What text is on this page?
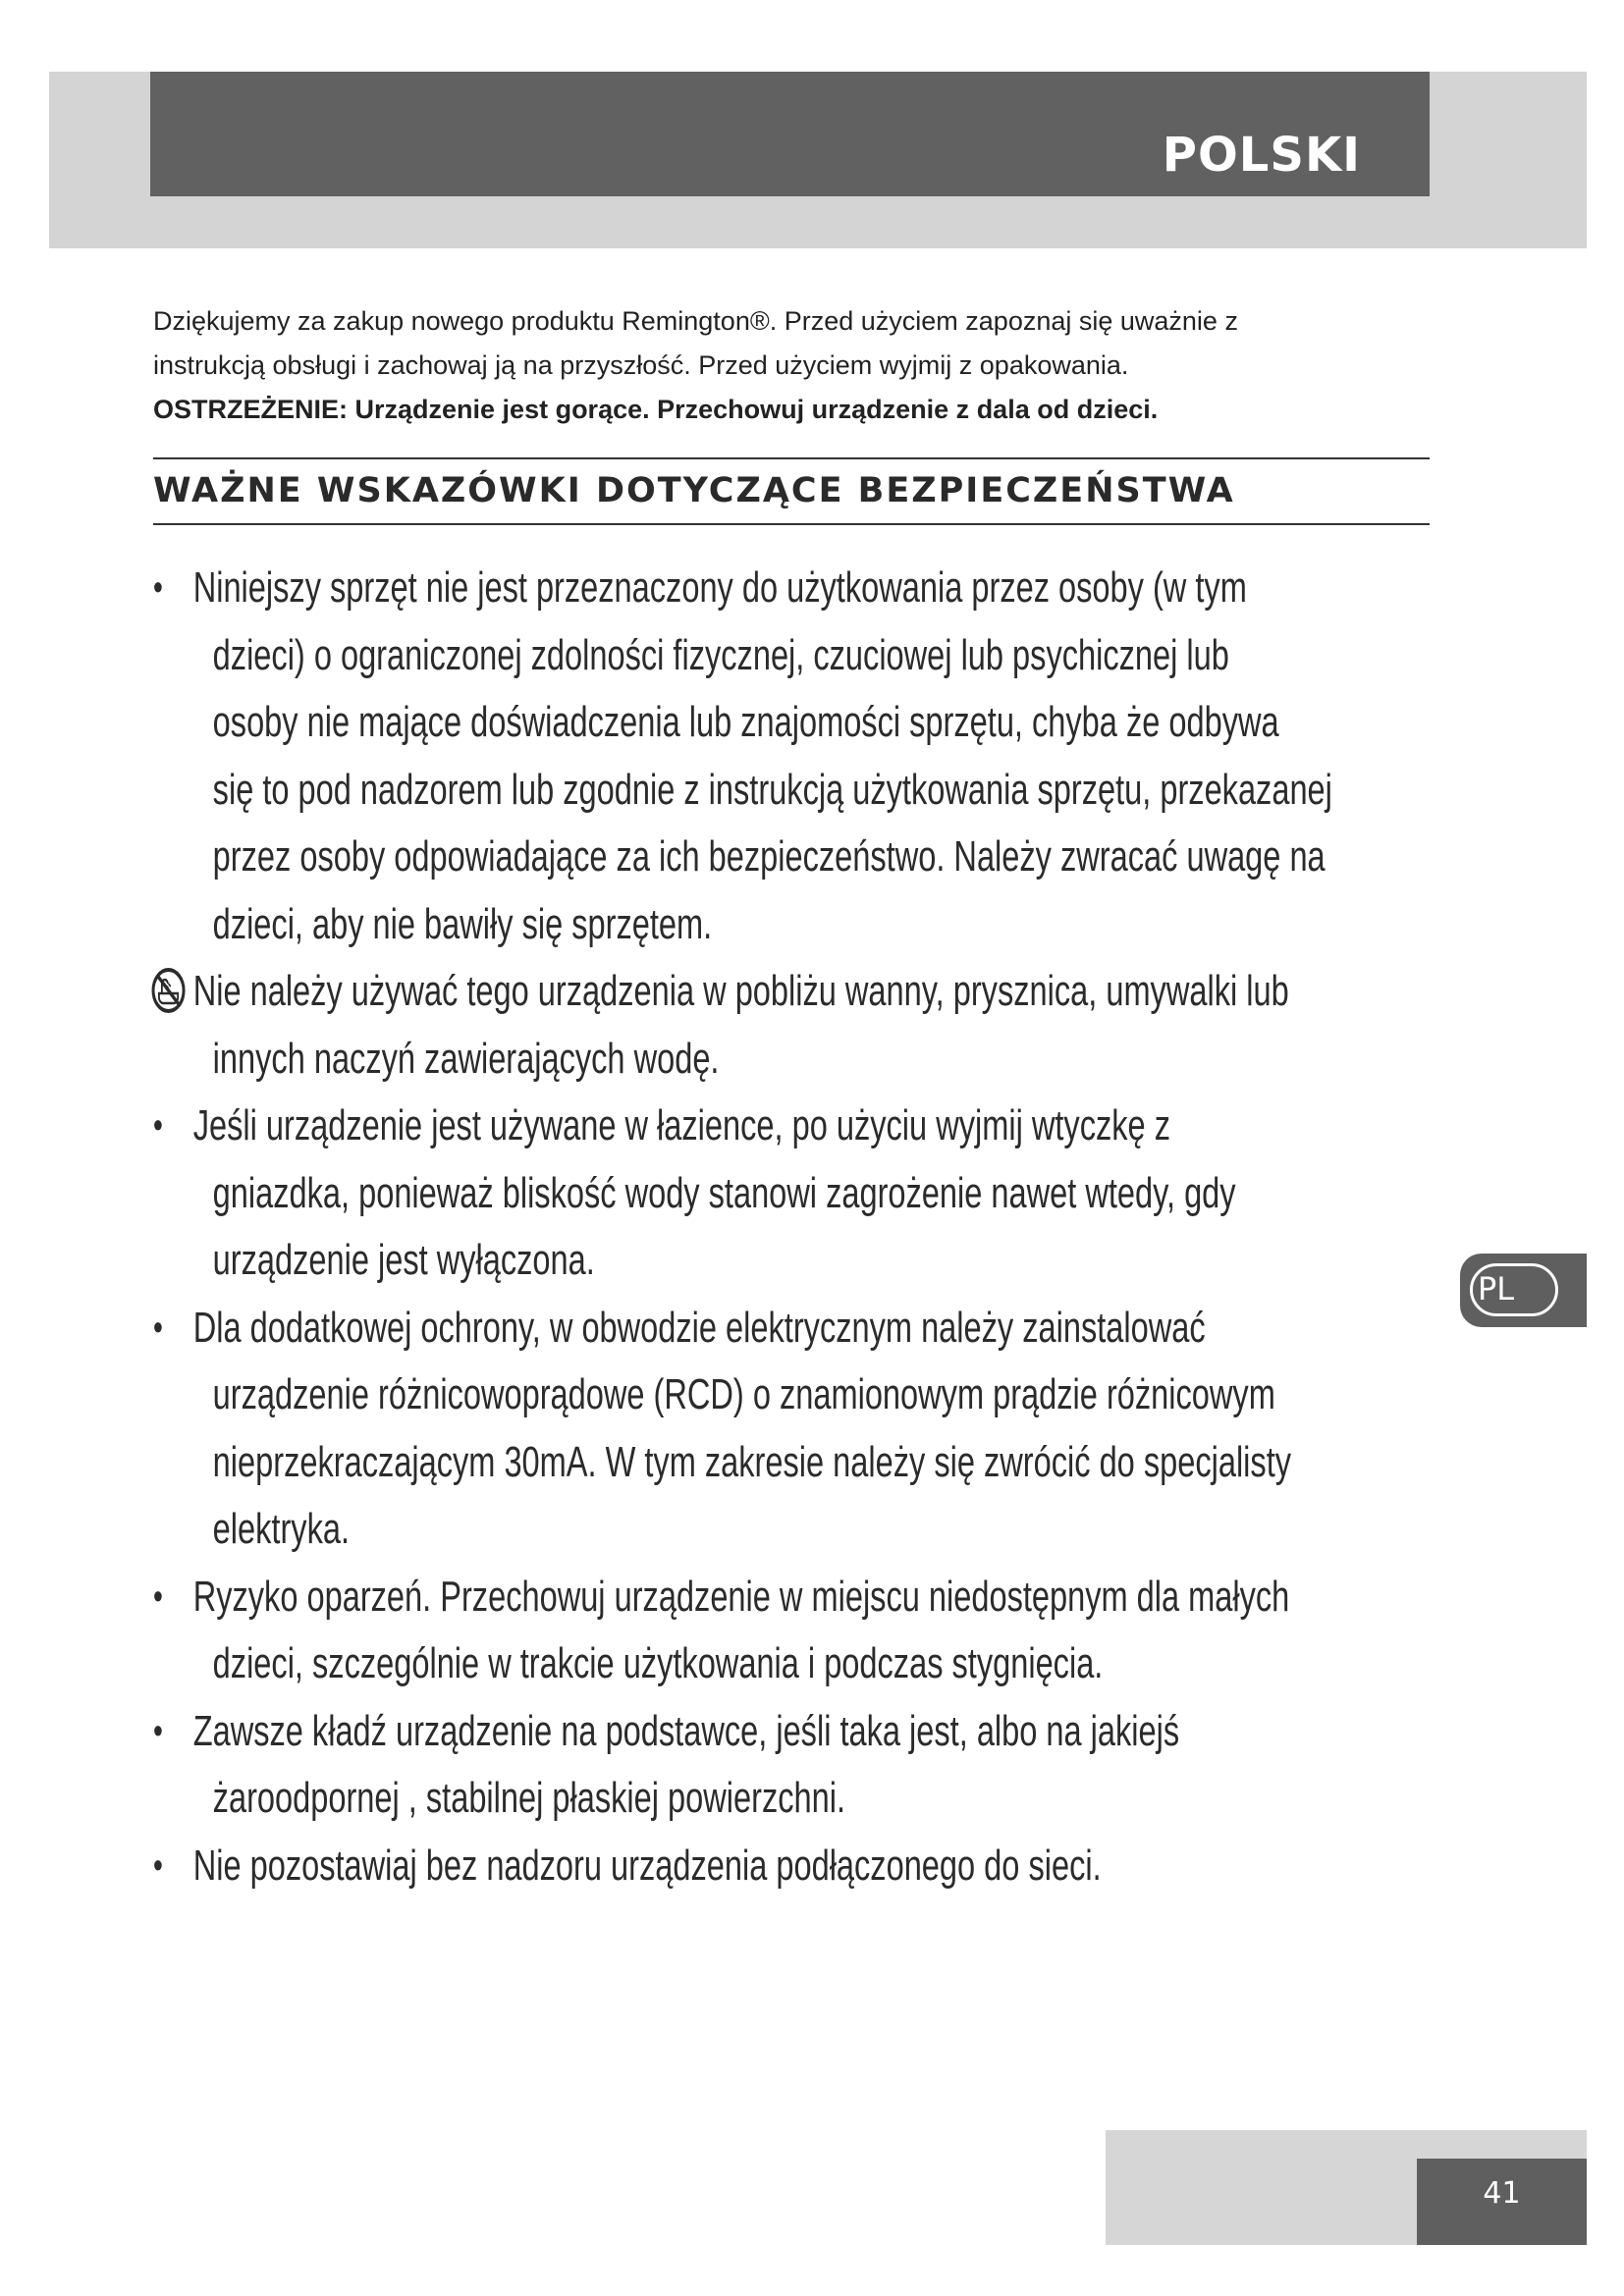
POLSKI

Dziękujemy za zakup nowego produktu Remington®. Przed użyciem zapoznaj się uważnie z

instrukcją obsługi i zachowaj ją na przyszłość. Przed użyciem wyjmij z opakowania.

OSTRZEŻENIE: Urządzenie jest gorące. Przechowuj urządzenie z dala od dzieci.

WAŻNE WSKAZÓWKI DOTYCZĄCE BEZPIECZEŃSTWA
• Niniejszy sprzęt nie jest przeznaczony do użytkowania przez osoby (w tym
dzieci) o ograniczonej zdolności fizycznej, czuciowej lub psychicznej lub
osoby nie mające doświadczenia lub znajomości sprzętu, chyba że odbywa
się to pod nadzorem lub zgodnie z instrukcją użytkowania sprzętu, przekazanej
przez osoby odpowiadające za ich bezpieczeństwo. Należy zwracać uwagę na
dzieci, aby nie bawiły się sprzętem.
Nie należy używać tego urządzenia w pobliżu wanny, prysznica, umywalki lub
innych naczyń zawierających wodę.
• Jeśli urządzenie jest używane w łazience, po użyciu wyjmij wtyczkę z
gniazdka, ponieważ bliskość wody stanowi zagrożenie nawet wtedy, gdy
urządzenie jest wyłączona.
• Dla dodatkowej ochrony, w obwodzie elektrycznym należy zainstalować
urządzenie różnicowoprądowe (RCD) o znamionowym prądzie różnicowym
nieprzekraczającym 30mA. W tym zakresie należy się zwrócić do specjalisty
elektryka.
• Ryzyko oparzeń. Przechowuj urządzenie w miejscu niedostępnym dla małych
dzieci, szczególnie w trakcie użytkowania i podczas stygnięcia.
• Zawsze kładź urządzenie na podstawce, jeśli taka jest, albo na jakiejś
żaroodpornej , stabilnej płaskiej powierzchni.
• Nie pozostawiaj bez nadzoru urządzenia podłączonego do sieci.
PL
41
